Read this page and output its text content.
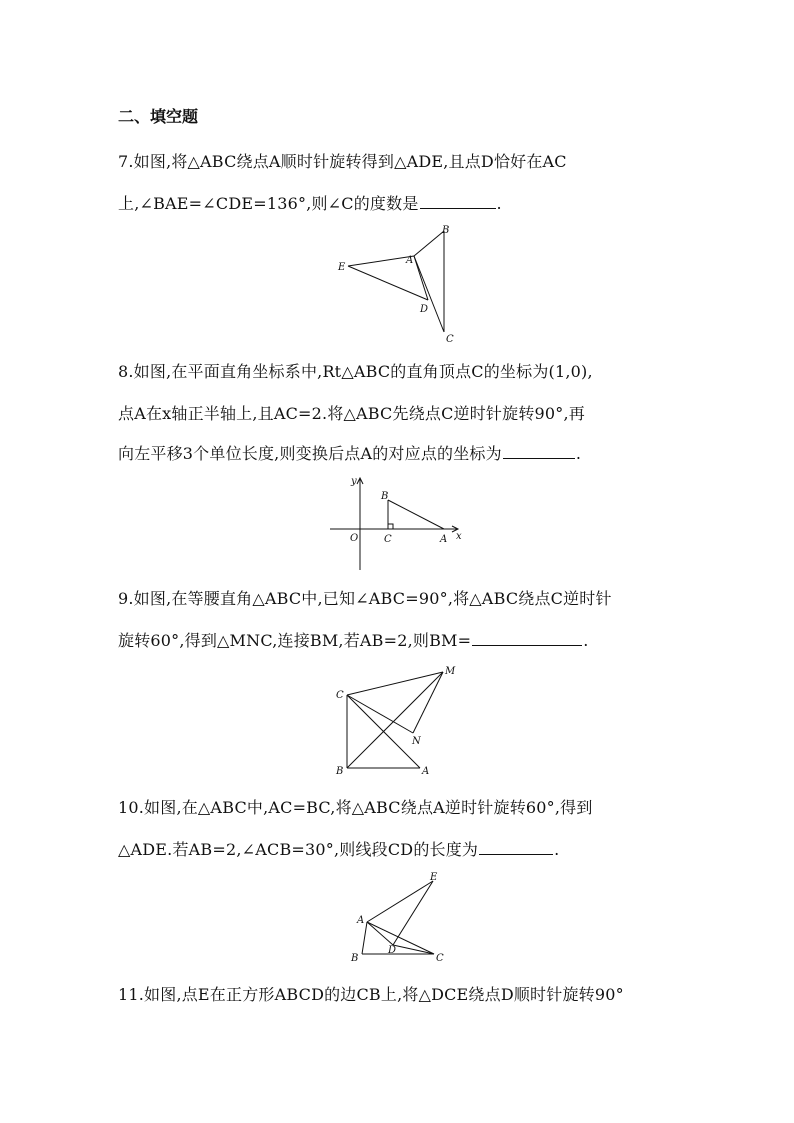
二、填空题
7.如图,将△ABC绕点A顺时针旋转得到△ADE,且点D恰好在AC
上,∠BAE=∠CDE=136°,则∠C的度数是	.
B
E
A
D
C
8.如图,在平面直角坐标系中,Rt△ABC的直角顶点C的坐标为(1,0),
点A在x轴正半轴上,且AC=2.将△ABC先绕点C逆时针旋转90°,再
向左平移3个单位长度,则变换后点A的对应点的坐标为	.
y
B
O	C	A x
9.如图,在等腰直角△ABC中,已知∠ABC=90°,将△ABC绕点C逆时针
旋转60°,得到△MNC,连接BM,若AB=2,则BM=	.
C
M
N
B	A
10.如图,在△ABC中,AC=BC,将△ABC绕点A逆时针旋转60°,得到
△ADE.若AB=2,∠ACB=30°,则线段CD的长度为	.
E
A
D
B	C
11.如图,点E在正方形ABCD的边CB上,将△DCE绕点D顺时针旋转90°
